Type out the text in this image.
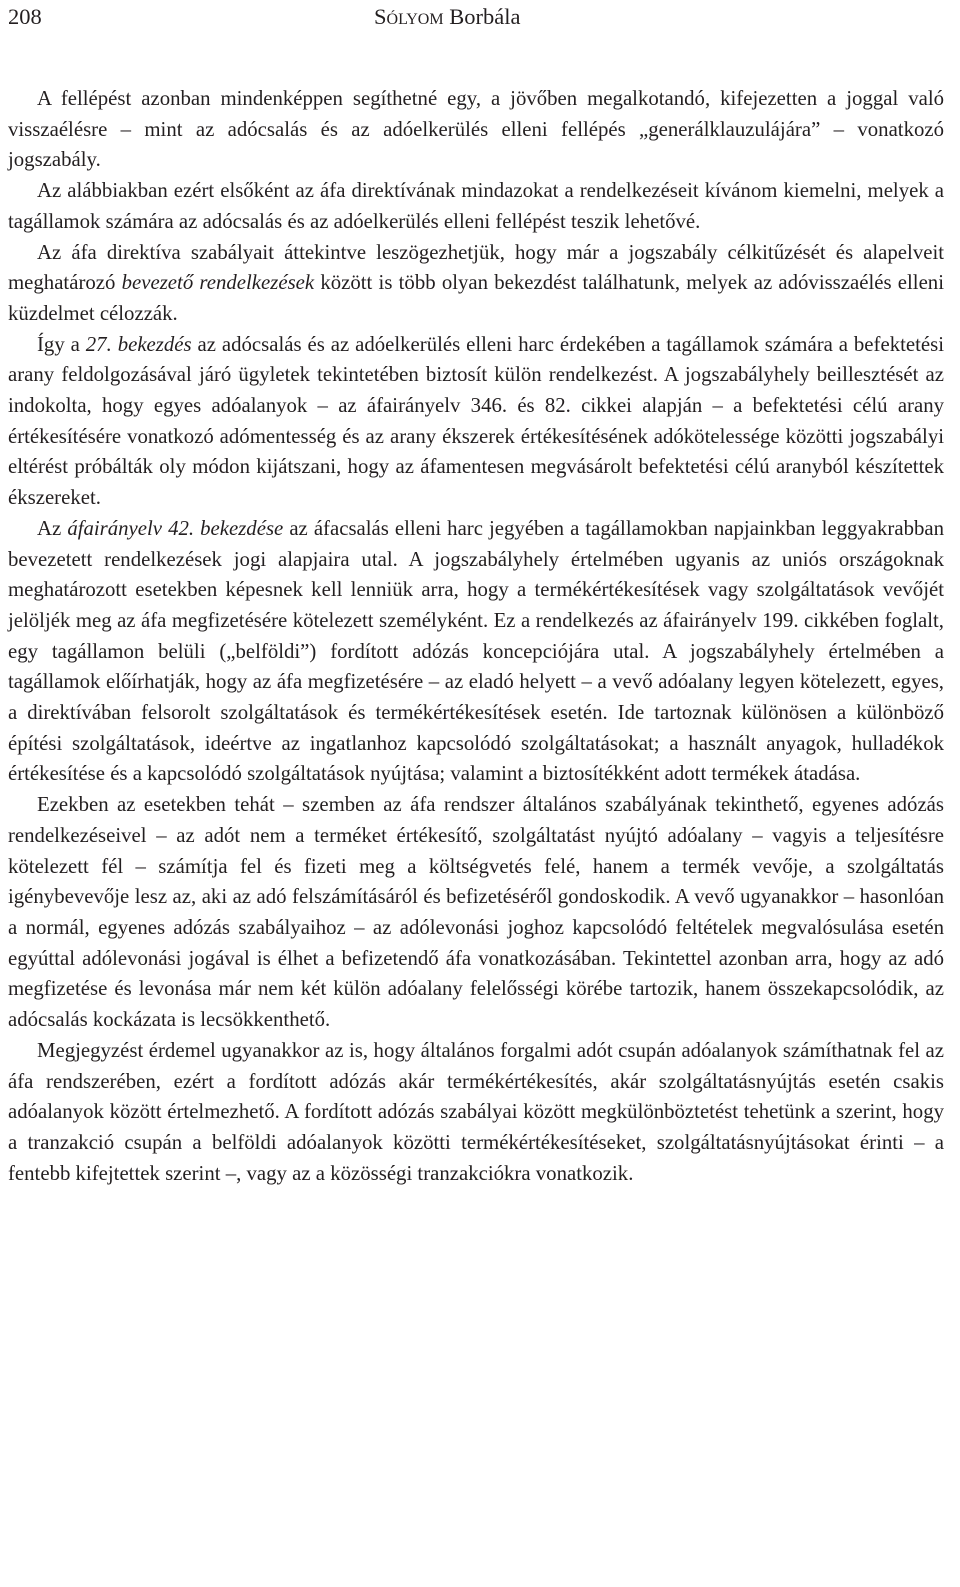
208	Sólyom Borbála

A fellépést azonban mindenképpen segíthetné egy, a jövőben megalkotandó, kifejezetten a joggal való visszaélésre – mint az adócsalás és az adóelkerülés elleni fellépés „generálklauzulájára” – vonatkozó jogszabály.

Az alábbiakban ezért elsőként az áfa direktívának mindazokat a rendelkezéseit kívánom kiemelni, melyek a tagállamok számára az adócsalás és az adóelkerülés elleni fellépést teszik lehetővé.

Az áfa direktíva szabályait áttekintve leszögezhetjük, hogy már a jogszabály célkitűzését és alapelveit meghatározó bevezető rendelkezések között is több olyan bekezdést találhatunk, melyek az adóvisszaélés elleni küzdelmet célozzák.

Így a 27. bekezdés az adócsalás és az adóelkerülés elleni harc érdekében a tagállamok számára a befektetési arany feldolgozásával járó ügyletek tekintetében biztosít külön rendelkezést. A jogszabályhely beillesztését az indokolta, hogy egyes adóalanyok – az áfairányelv 346. és 82. cikkei alapján – a befektetési célú arany értékesítésére vonatkozó adómentesség és az arany ékszerek értékesítésének adókötelessége közötti jogszabályi eltérést próbálták oly módon kijátszani, hogy az áfamentesen megvásárolt befektetési célú aranyból készítettek ékszereket.

Az áfairányelv 42. bekezdése az áfacsalás elleni harc jegyében a tagállamokban napjainkban leggyakrabban bevezetett rendelkezések jogi alapjaira utal. A jogszabályhely értelmében ugyanis az uniós országoknak meghatározott esetekben képesnek kell lenniük arra, hogy a termékértékesítések vagy szolgáltatások vevőjét jelöljék meg az áfa megfizetésére kötelezett személyként. Ez a rendelkezés az áfairányelv 199. cikkében foglalt, egy tagállamon belüli („belföldi”) fordított adózás koncepciójára utal. A jogszabályhely értelmében a tagállamok előírhatják, hogy az áfa megfizetésére – az eladó helyett – a vevő adóalany legyen kötelezett, egyes, a direktívában felsorolt szolgáltatások és termékértékesítések esetén. Ide tartoznak különösen a különböző építési szolgáltatások, ideértve az ingatlanhoz kapcsolódó szolgáltatásokat; a használt anyagok, hulladékok értékesítése és a kapcsolódó szolgáltatások nyújtása; valamint a biztosítékként adott termékek átadása.

Ezekben az esetekben tehát – szemben az áfa rendszer általános szabályának tekinthető, egyenes adózás rendelkezéseivel – az adót nem a terméket értékesítő, szolgáltatást nyújtó adóalany – vagyis a teljesítésre kötelezett fél – számítja fel és fizeti meg a költségvetés felé, hanem a termék vevője, a szolgáltatás igénybevevője lesz az, aki az adó felszámításáról és befizetéséről gondoskodik. A vevő ugyanakkor – hasonlóan a normál, egyenes adózás szabályaihoz – az adólevonási joghoz kapcsolódó feltételek megvalósulása esetén egyúttal adólevonási jogával is élhet a befizetendő áfa vonatkozásában. Tekintettel azonban arra, hogy az adó megfizetése és levonása már nem két külön adóalany felelősségi körébe tartozik, hanem összekapcsolódik, az adócsalás kockázata is lecsökkenthető.

Megjegyzést érdemel ugyanakkor az is, hogy általános forgalmi adót csupán adóalanyok számíthatnak fel az áfa rendszerében, ezért a fordított adózás akár termékértékesítés, akár szolgáltatásnyújtás esetén csakis adóalanyok között értelmezhető. A fordított adózás szabályai között megkülönböztetést tehetünk a szerint, hogy a tranzakció csupán a belföldi adóalanyok közötti termékértékesítéseket, szolgáltatásnyújtásokat érinti – a fentebb kifejtettek szerint –, vagy az a közösségi tranzakciókra vonatkozik.
